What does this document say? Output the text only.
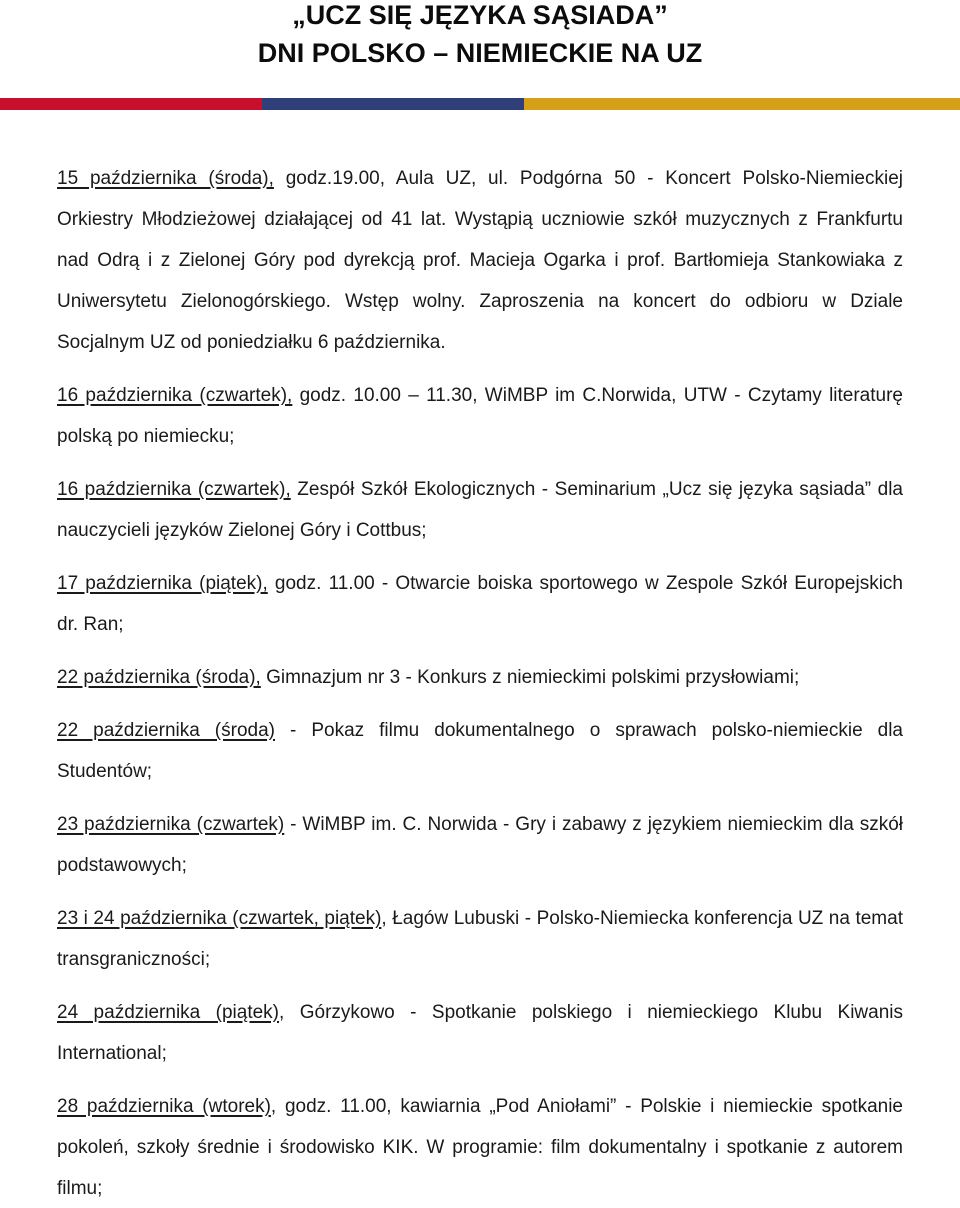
„UCZ SIĘ JĘZYKA SĄSIADA”
DNI POLSKO – NIEMIECKIE NA UZ

15 października (środa), godz.19.00, Aula UZ, ul. Podgórna 50 - Koncert Polsko-Niemieckiej Orkiestry Młodzieżowej działającej od 41 lat. Wystąpią uczniowie szkół muzycznych z Frankfurtu nad Odrą i z Zielonej Góry pod dyrekcją prof. Macieja Ogarka i prof. Bartłomieja Stankowiaka z Uniwersytetu Zielonogórskiego. Wstęp wolny. Zaproszenia na koncert do odbioru w Dziale Socjalnym UZ od poniedziałku 6 października.

16 października (czwartek), godz. 10.00 – 11.30, WiMBP im C.Norwida, UTW - Czytamy literaturę polską po niemiecku;

16 października (czwartek), Zespół Szkół Ekologicznych - Seminarium „Ucz się języka sąsiada” dla nauczycieli języków Zielonej Góry i Cottbus;

17 października (piątek), godz. 11.00 - Otwarcie boiska sportowego w Zespole Szkół Europejskich dr. Ran;

22 października (środa), Gimnazjum nr 3 - Konkurs z niemieckimi polskimi przysłowiami;

22 października (środa) - Pokaz filmu dokumentalnego o sprawach polsko-niemieckie dla Studentów;

23 października (czwartek) - WiMBP im. C. Norwida - Gry i zabawy z językiem niemieckim dla szkół podstawowych;

23 i 24 października (czwartek, piątek), Łagów Lubuski - Polsko-Niemiecka konferencja UZ na temat transgraniczności;

24 października (piątek), Górzykowo - Spotkanie polskiego i niemieckiego Klubu Kiwanis International;

28 października (wtorek), godz. 11.00, kawiarnia „Pod Aniołami” - Polskie i niemieckie spotkanie pokoleń, szkoły średnie i środowisko KIK. W programie: film dokumentalny i spotkanie z autorem filmu;
